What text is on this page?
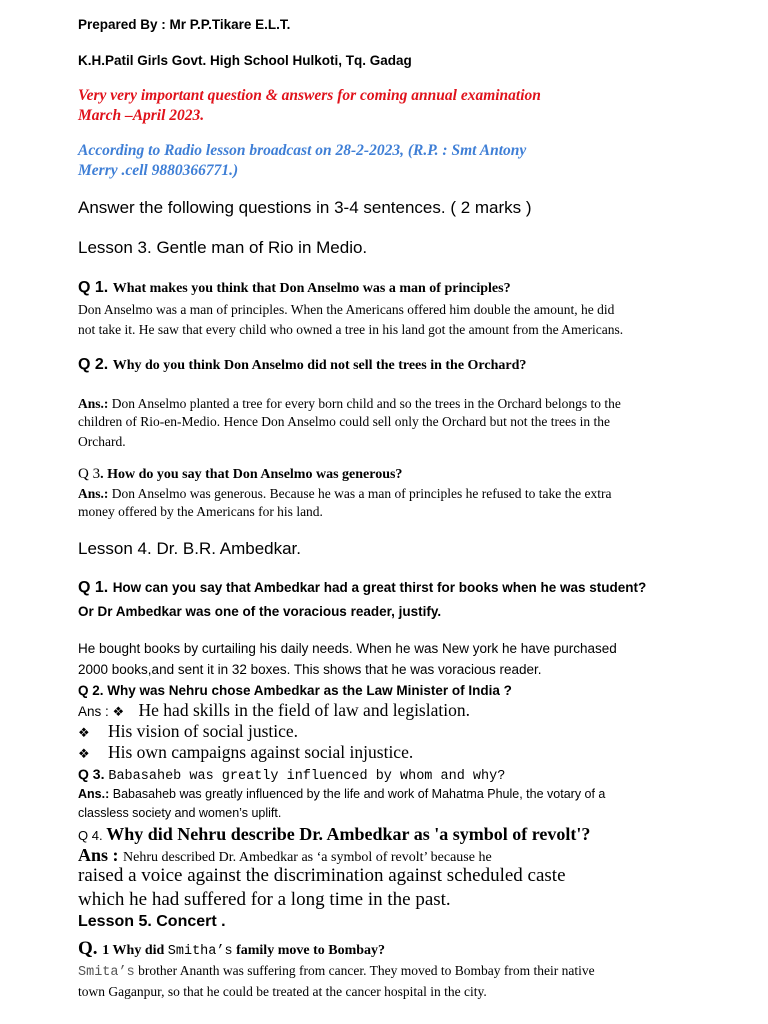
Prepared By : Mr P.P.Tikare E.L.T.
K.H.Patil Girls Govt. High School Hulkoti, Tq. Gadag
Very very important question & answers for coming annual examination
March –April 2023.
According to Radio lesson broadcast on 28-2-2023, (R.P. : Smt Antony
Merry .cell 9880366771.)
Answer the following questions in 3-4 sentences. ( 2 marks )
Lesson 3. Gentle man of Rio in Medio.
Q 1. What makes you think that Don Anselmo was a man of principles?
Don Anselmo was a man of principles. When the Americans offered him double the amount, he did
not take it. He saw that every child who owned a tree in his land got the amount from the Americans.
Q 2. Why do you think Don Anselmo did not sell the trees in the Orchard?
Ans.: Don Anselmo planted a tree for every born child and so the trees in the Orchard belongs to the
children of Rio-en-Medio. Hence Don Anselmo could sell only the Orchard but not the trees in the
Orchard.
Q 3. How do you say that Don Anselmo was generous?
Ans.: Don Anselmo was generous. Because he was a man of principles he refused to take the extra
money offered by the Americans for his land.
Lesson 4. Dr. B.R. Ambedkar.
Q 1. How can you say that Ambedkar had a great thirst for books when he was student?
Or Dr Ambedkar was one of the voracious reader, justify.
He bought books by curtailing his daily needs. When he was New york he have purchased
2000 books,and sent it in 32 boxes. This shows that he was voracious reader.
Q 2. Why was Nehru chose Ambedkar as the Law Minister of India ?
Ans : ❖ He had skills in the field of law and legislation.
❖ His vision of social justice.
❖ His own campaigns against social injustice.
Q 3. Babasaheb was greatly influenced by whom and why?
Ans.: Babasaheb was greatly influenced by the life and work of Mahatma Phule, the votary of a
classless society and women’s uplift.
Q 4. Why did Nehru describe Dr. Ambedkar as 'a symbol of revolt'?
Ans : Nehru described Dr. Ambedkar as ‘a symbol of revolt’ because he
raised a voice against the discrimination against scheduled caste
which he had suffered for a long time in the past.
Lesson 5. Concert .
Q. 1 Why did Smitha’s family move to Bombay?
Smita’s brother Ananth was suffering from cancer. They moved to Bombay from their native
town Gaganpur, so that he could be treated at the cancer hospital in the city.
